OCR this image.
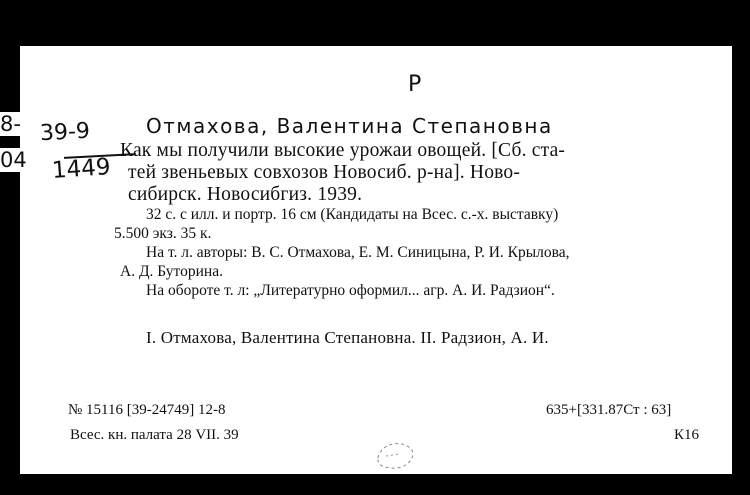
P
39-9
1449
Отмахова, Валентина Степановна
Как мы получили высокие урожаи овощей. [Сб. ста-
тей звеньевых совхозов Новосиб. р-на]. Ново-
сибирск. Новосибгиз. 1939.
32 с. с илл. и портр. 16 см (Кандидаты на Всес. с.-х. выставку)
5.500 экз. 35 к.
На т. л. авторы: В. С. Отмахова, Е. М. Синицына, Р. И. Крылова,
А. Д. Буторина.
На обороте т. л: „Литературно оформил... агр. А. И. Радзион“.
I. Отмахова, Валентина Степановна. II. Радзион, А. И.
№ 15116 [39-24749] 12-8
Всес. кн. палата 28 VII. 39
635+[331.87Ст : 63]
К16
8-
04
